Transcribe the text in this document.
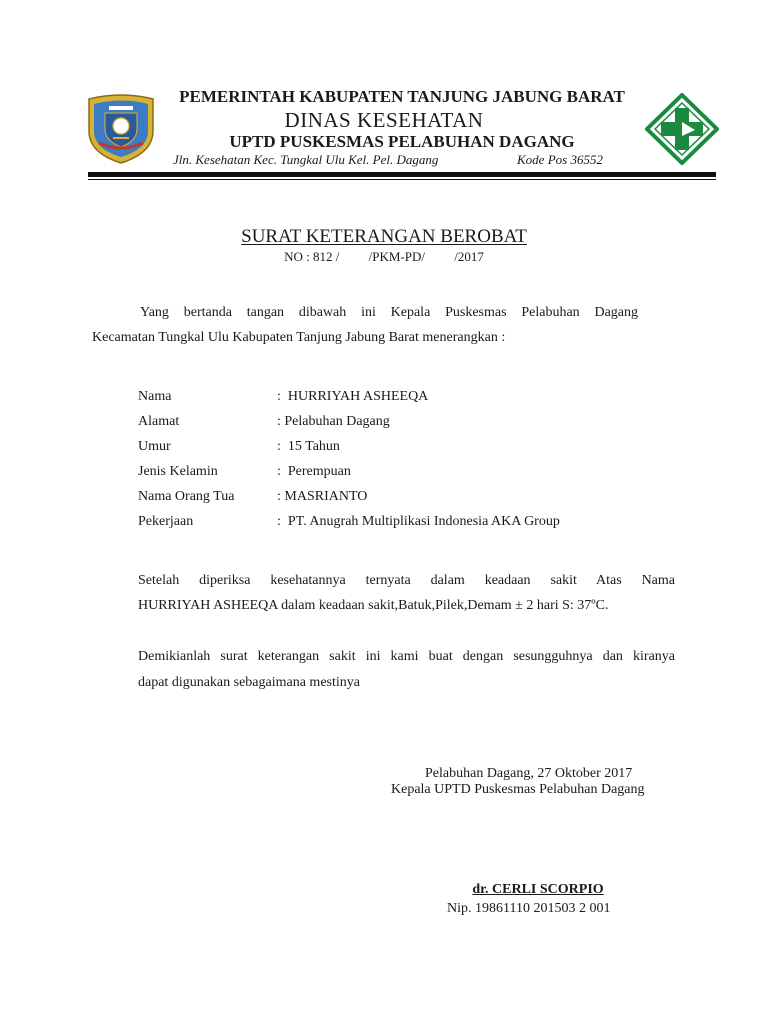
PEMERINTAH KABUPATEN TANJUNG JABUNG BARAT
DINAS KESEHATAN
UPTD PUSKESMAS PELABUHAN DAGANG
Jln. Kesehatan Kec. Tungkal Ulu Kel. Pel. Dagang	Kode Pos 36552
SURAT KETERANGAN BEROBAT
NO : 812 /         /PKM-PD/         /2017
Yang bertanda tangan dibawah ini Kepala Puskesmas Pelabuhan Dagang
Kecamatan Tungkal Ulu Kabupaten Tanjung Jabung Barat menerangkan :
Nama	:  HURRIYAH ASHEEQA
Alamat	: Pelabuhan Dagang
Umur	:  15 Tahun
Jenis Kelamin	:  Perempuan
Nama Orang Tua	: MASRIANTO
Pekerjaan	:  PT. Anugrah Multiplikasi Indonesia AKA Group
Setelah diperiksa kesehatannya ternyata dalam keadaan sakit Atas Nama
HURRIYAH ASHEEQA dalam keadaan sakit,Batuk,Pilek,Demam ± 2 hari S: 37ºC.
Demikianlah surat keterangan sakit ini kami buat dengan sesungguhnya dan kiranya
dapat digunakan sebagaimana mestinya
Pelabuhan Dagang, 27 Oktober 2017
Kepala UPTD Puskesmas Pelabuhan Dagang
dr. CERLI SCORPIO
Nip. 19861110 201503 2 001
